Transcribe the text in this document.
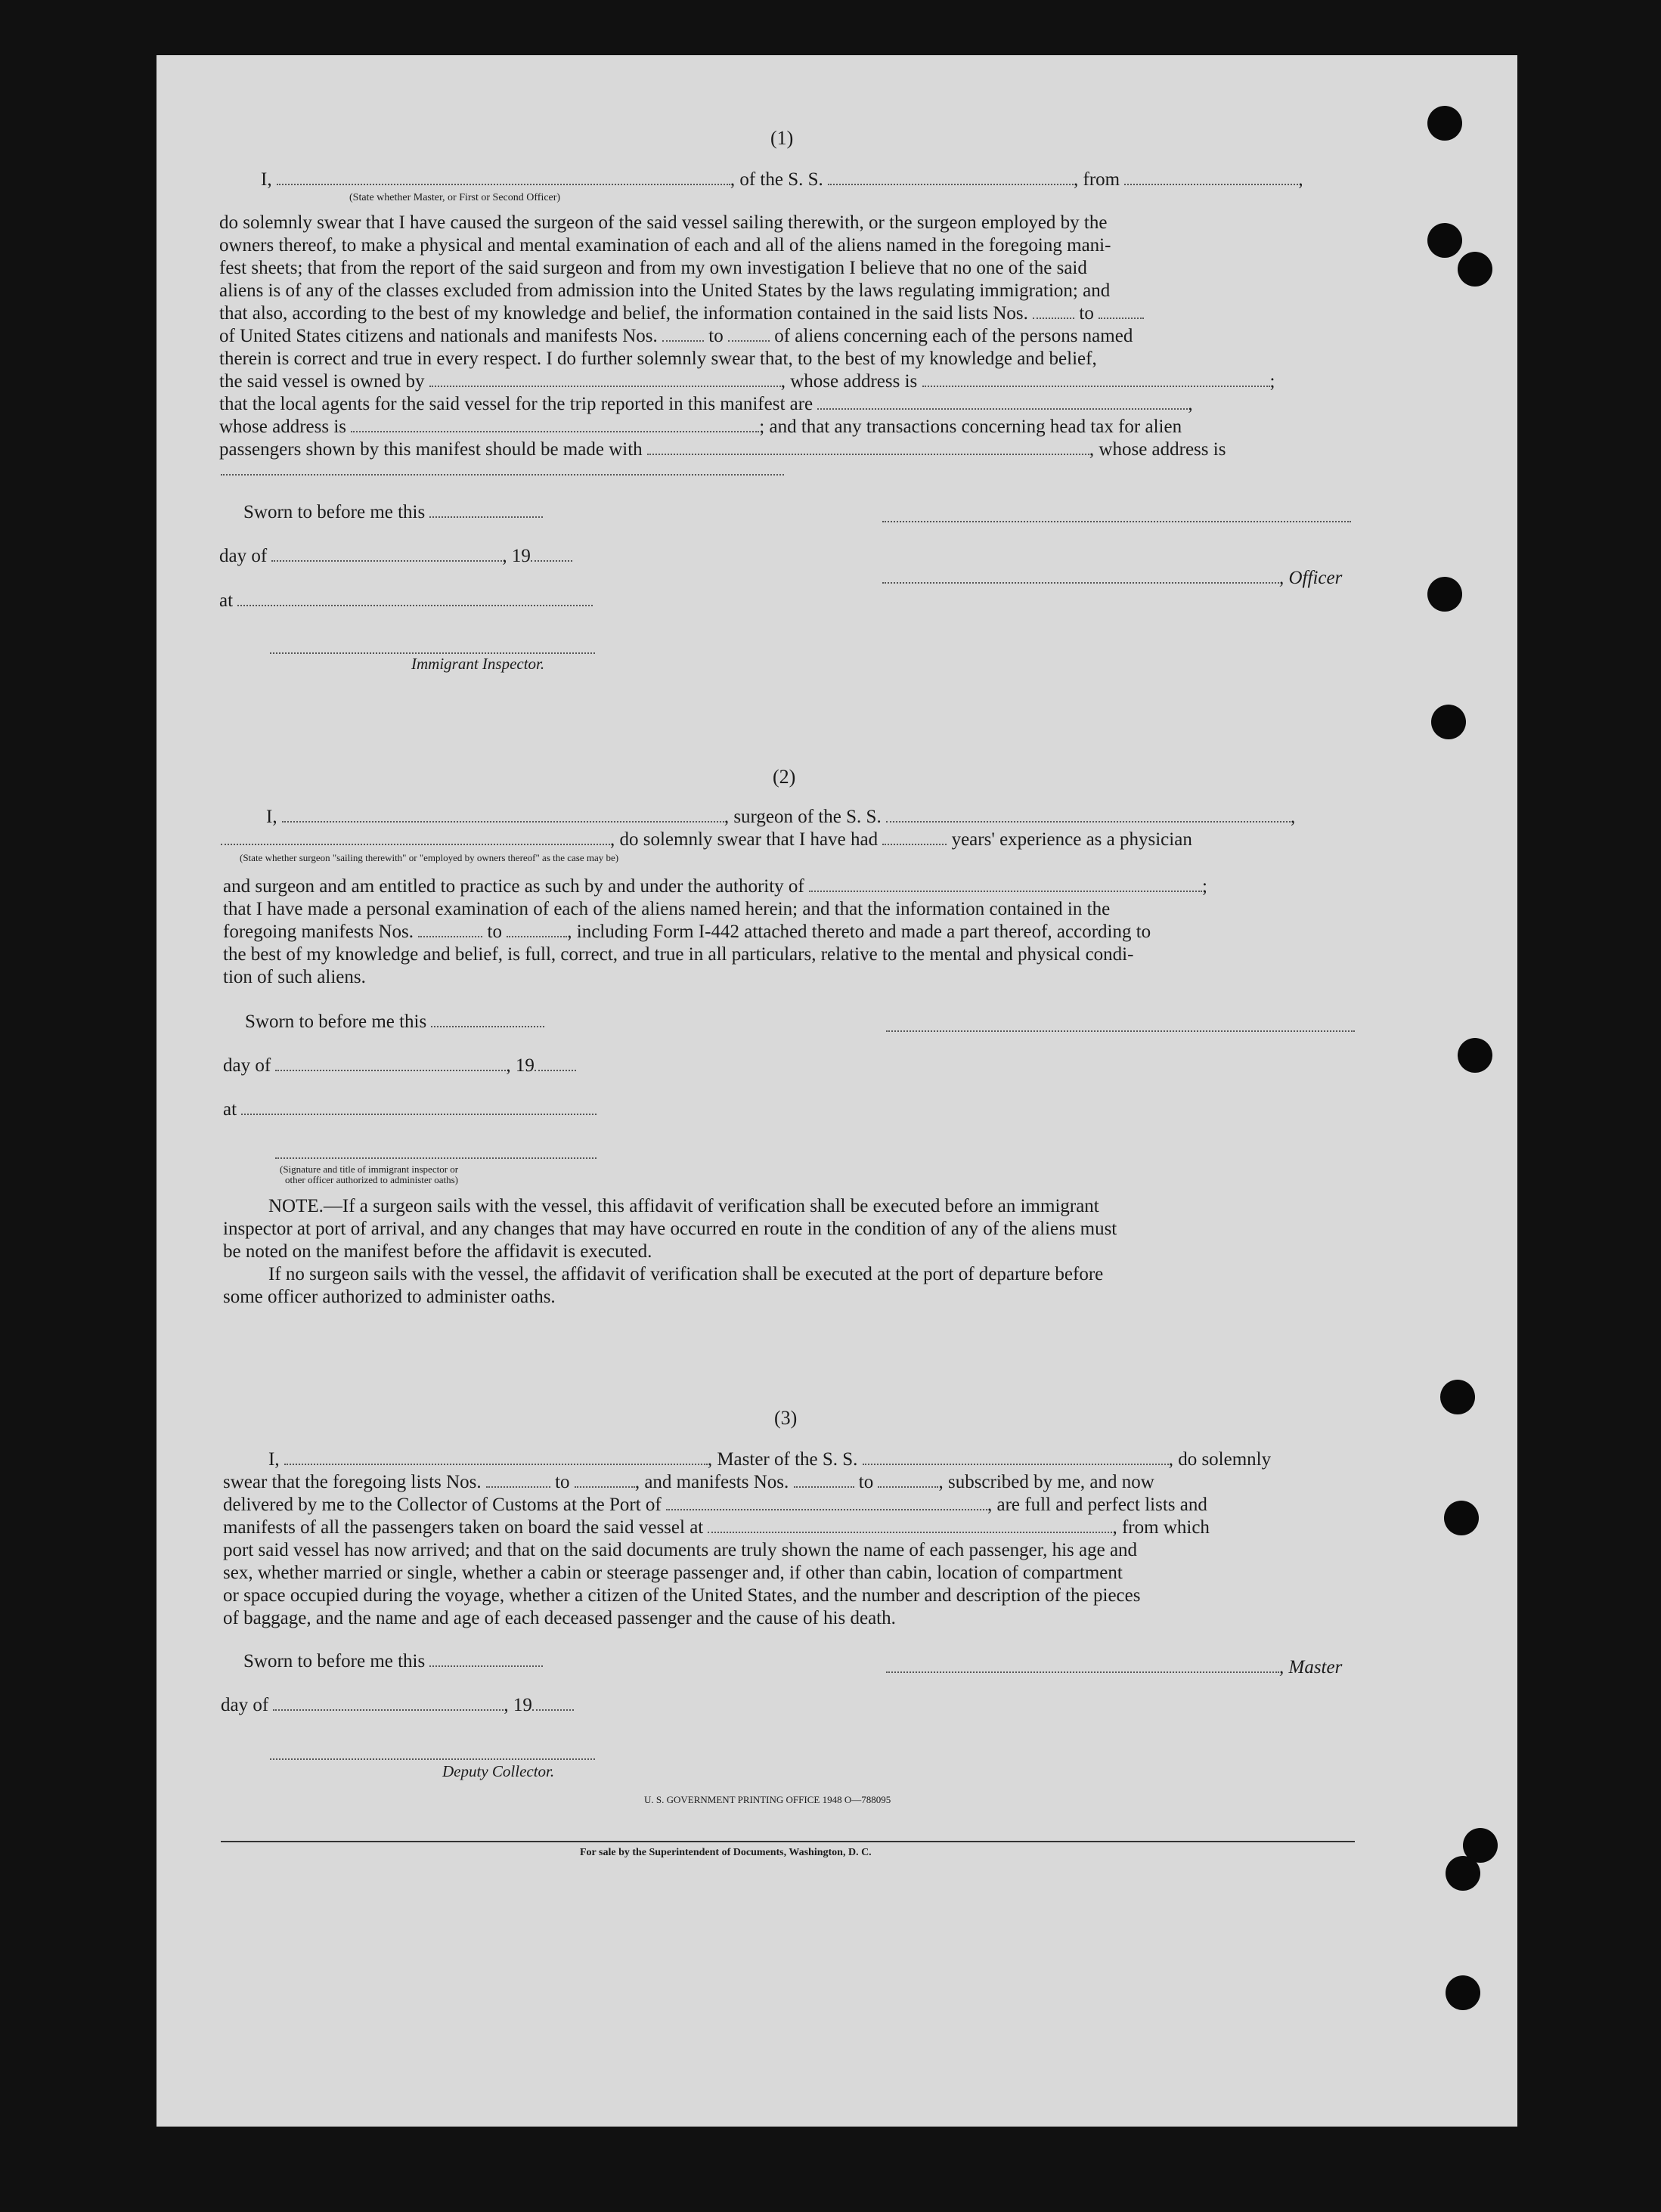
(1)
I,	, of the S. S.	, from	,
(State whether Master, or First or Second Officer)
do solemnly swear that I have caused the surgeon of the said vessel sailing therewith, or the surgeon employed by the
owners thereof, to make a physical and mental examination of each and all of the aliens named in the foregoing mani-
fest sheets; that from the report of the said surgeon and from my own investigation I believe that no one of the said
aliens is of any of the classes excluded from admission into the United States by the laws regulating immigration; and
that also, according to the best of my knowledge and belief, the information contained in the said lists Nos.	to
of United States citizens and nationals and manifests Nos.	to	of aliens concerning each of the persons named
therein is correct and true in every respect. I do further solemnly swear that, to the best of my knowledge and belief,
the said vessel is owned by	, whose address is	;
that the local agents for the said vessel for the trip reported in this manifest are	,
whose address is	; and that any transactions concerning head tax for alien
passengers shown by this manifest should be made with	, whose address is
Sworn to before me this
day of	, 19
, Officer
at
Immigrant Inspector.
(2)
I,	, surgeon of the S. S.	,
, do solemnly swear that I have had	years' experience as a physician
(State whether surgeon "sailing therewith" or "employed by owners thereof" as the case may be)
and surgeon and am entitled to practice as such by and under the authority of	;
that I have made a personal examination of each of the aliens named herein; and that the information contained in the
foregoing manifests Nos.	to	, including Form I-442 attached thereto and made a part thereof, according to
the best of my knowledge and belief, is full, correct, and true in all particulars, relative to the mental and physical condi-
tion of such aliens.
Sworn to before me this
day of	, 19
at
(Signature and title of immigrant inspector or
other officer authorized to administer oaths)
NOTE.—If a surgeon sails with the vessel, this affidavit of verification shall be executed before an immigrant
inspector at port of arrival, and any changes that may have occurred en route in the condition of any of the aliens must
be noted on the manifest before the affidavit is executed.
If no surgeon sails with the vessel, the affidavit of verification shall be executed at the port of departure before
some officer authorized to administer oaths.
(3)
I,	, Master of the S. S.	, do solemnly
swear that the foregoing lists Nos.	to	, and manifests Nos.	to	, subscribed by me, and now
delivered by me to the Collector of Customs at the Port of	, are full and perfect lists and
manifests of all the passengers taken on board the said vessel at	, from which
port said vessel has now arrived; and that on the said documents are truly shown the name of each passenger, his age and
sex, whether married or single, whether a cabin or steerage passenger and, if other than cabin, location of compartment
or space occupied during the voyage, whether a citizen of the United States, and the number and description of the pieces
of baggage, and the name and age of each deceased passenger and the cause of his death.
Sworn to before me this	, Master
day of	, 19
Deputy Collector.
U. S. GOVERNMENT PRINTING OFFICE 1948 O—788095
For sale by the Superintendent of Documents, Washington, D. C.
